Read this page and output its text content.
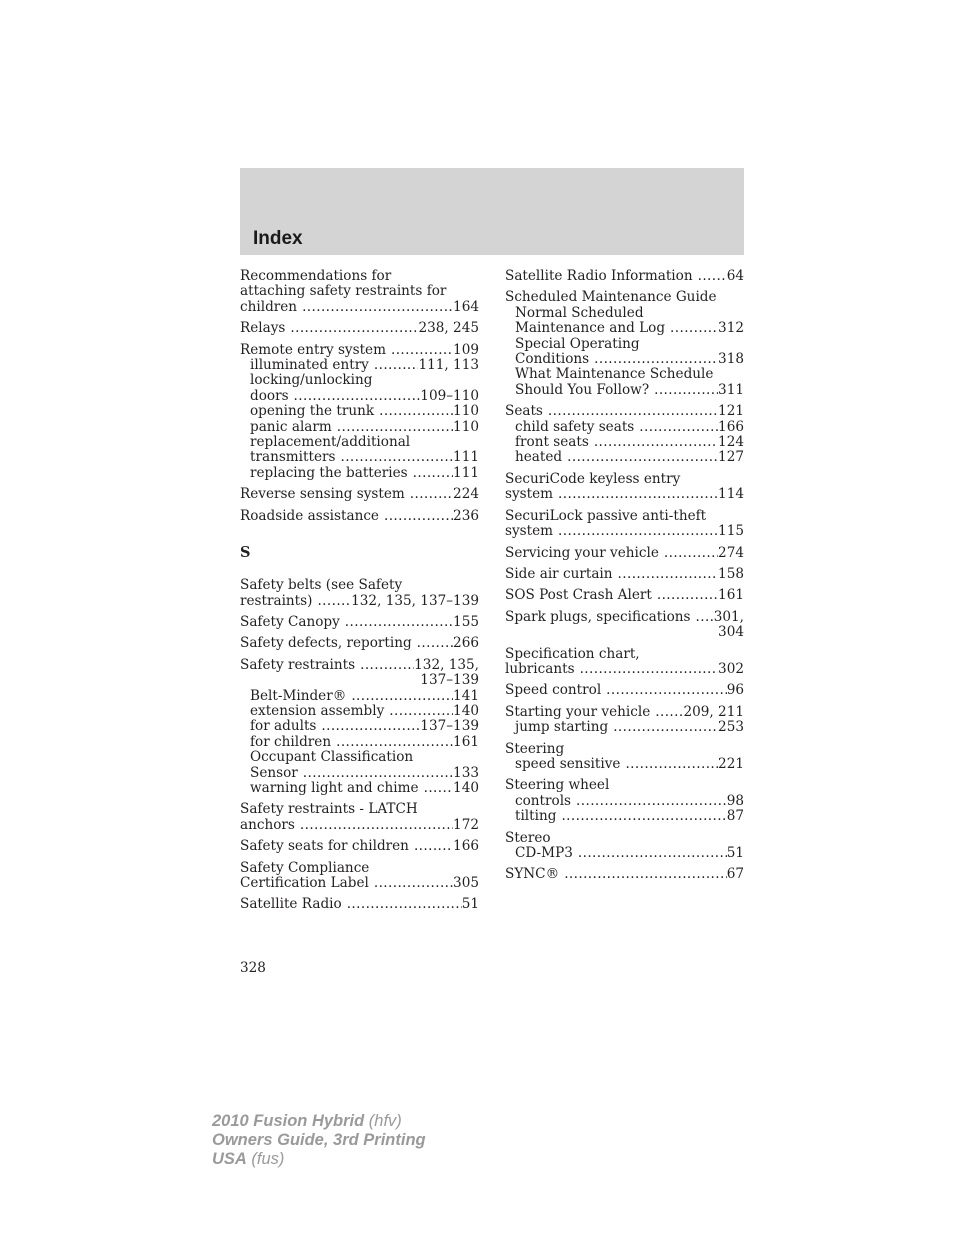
Index
Recommendations for
attaching safety restraints for
children .....	164
Relays .....	238, 245
Remote entry system .....	109
illuminated entry .....	111, 113
locking/unlocking
doors .....	109–110
opening the trunk .....	110
panic alarm .....	110
replacement/additional
transmitters .....	111
replacing the batteries .....	111
Reverse sensing system .....	224
Roadside assistance .....	236
S
Safety belts (see Safety
restraints) .....	132, 135, 137–139
Safety Canopy .....	155
Safety defects, reporting .....	266
Safety restraints .....	132, 135,
137–139
Belt-Minder® .....	141
extension assembly .....	140
for adults .....	137–139
for children .....	161
Occupant Classification
Sensor .....	133
warning light and chime .....	140
Safety restraints - LATCH
anchors .....	172
Safety seats for children .....	166
Safety Compliance
Certification Label .....	305
Satellite Radio .....	51
Satellite Radio Information .....	64
Scheduled Maintenance Guide
Normal Scheduled
Maintenance and Log .....	312
Special Operating
Conditions .....	318
What Maintenance Schedule
Should You Follow? .....	311
Seats .....	121
child safety seats .....	166
front seats .....	124
heated .....	127
SecuriCode keyless entry
system .....	114
SecuriLock passive anti-theft
system .....	115
Servicing your vehicle .....	274
Side air curtain .....	158
SOS Post Crash Alert .....	161
Spark plugs, specifications ..... 301,
304
Specification chart,
lubricants .....	302
Speed control .....	96
Starting your vehicle ..... 209, 211
jump starting .....	253
Steering
speed sensitive .....	221
Steering wheel
controls .....	98
tilting .....	87
Stereo
CD-MP3 .....	51
SYNC® .....	67
328
2010 Fusion Hybrid (hfv)
Owners Guide, 3rd Printing
USA (fus)
